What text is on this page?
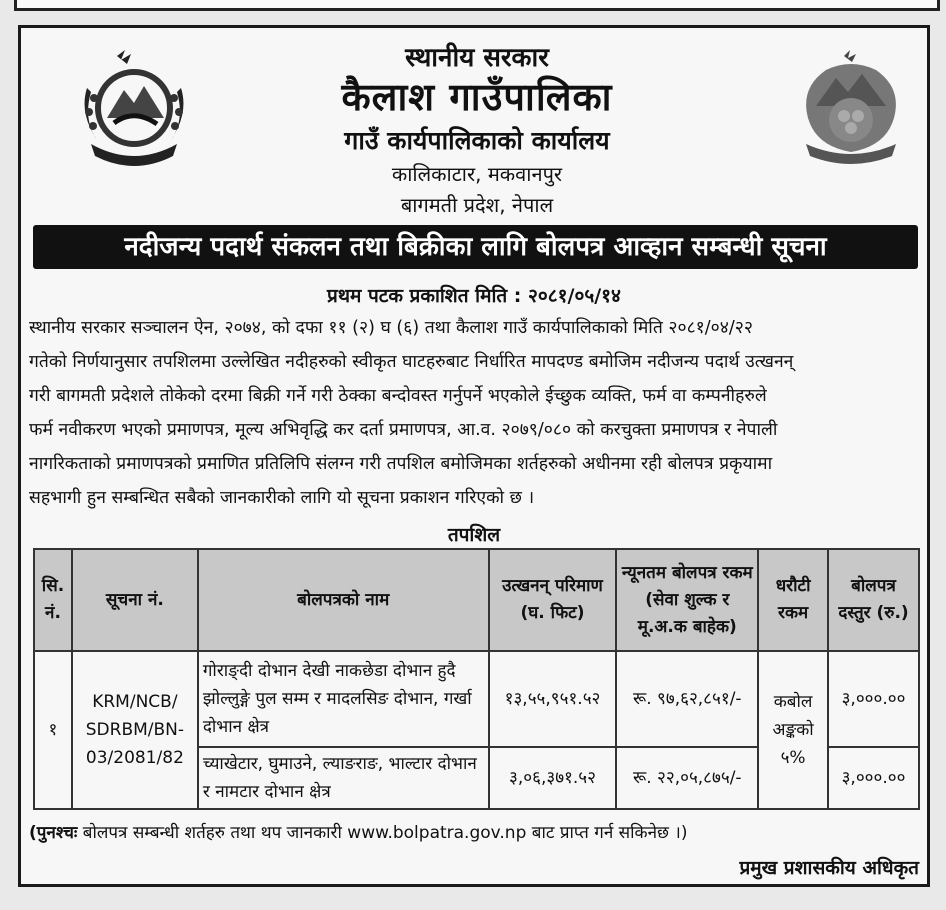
स्थानीय सरकार
कैलाश गाउँपालिका
गाउँ कार्यपालिकाको कार्यालय
कालिकाटार, मकवानपुर
बागमती प्रदेश, नेपाल
नदीजन्य पदार्थ संकलन तथा बिक्रीका लागि बोलपत्र आव्हान सम्बन्धी सूचना
प्रथम पटक प्रकाशित मिति : २०८१/०५/१४
स्थानीय सरकार सञ्चालन ऐन, २०७४, को दफा ११ (२) घ (६) तथा कैलाश गाउँ कार्यपालिकाको मिति २०८१/०४/२२
गतेको निर्णयानुसार तपशिलमा उल्लेखित नदीहरुको स्वीकृत घाटहरुबाट निर्धारित मापदण्ड बमोजिम नदीजन्य पदार्थ उत्खनन्
गरी बागमती प्रदेशले तोकेको दरमा बिक्री गर्ने गरी ठेक्का बन्दोवस्त गर्नुपर्ने भएकोले ईच्छुक व्यक्ति, फर्म वा कम्पनीहरुले
फर्म नवीकरण भएको प्रमाणपत्र, मूल्य अभिवृद्धि कर दर्ता प्रमाणपत्र, आ.व. २०७९/०८० को करचुक्ता प्रमाणपत्र र नेपाली
नागरिकताको प्रमाणपत्रको प्रमाणित प्रतिलिपि संलग्न गरी तपशिल बमोजिमका शर्तहरुको अधीनमा रही बोलपत्र प्रकृयामा
सहभागी हुन सम्बन्धित सबैको जानकारीको लागि यो सूचना प्रकाशन गरिएको छ ।
तपशिल
सि. नं.	सूचना नं.	बोलपत्रको नाम	उत्खनन् परिमाण (घ. फिट)	न्यूनतम बोलपत्र रकम (सेवा शुल्क र मू.अ.क बाहेक)	धरौटी रकम	बोलपत्र दस्तुर (रु.)
१	KRM/NCB/ SDRBM/BN- 03/2081/82	गोराङ्दी दोभान देखी नाकछेडा दोभान हुदै झोल्लुङ्गे पुल सम्म र मादलसिङ दोभान, गर्खा दोभान क्षेत्र	१३,५५,९५१.५२	रू. ९७,६२,८५१/-	कबोल अङ्कको ५%	३,०००.००
		च्याखेटार, घुमाउने, ल्याङराङ, भाल्टार दोभान र नामटार दोभान क्षेत्र	३,०६,३७१.५२	रू. २२,०५,८७५/-		३,०००.००
(पुनश्चः बोलपत्र सम्बन्धी शर्तहरु तथा थप जानकारी www.bolpatra.gov.np बाट प्राप्त गर्न सकिनेछ ।)
प्रमुख प्रशासकीय अधिकृत
